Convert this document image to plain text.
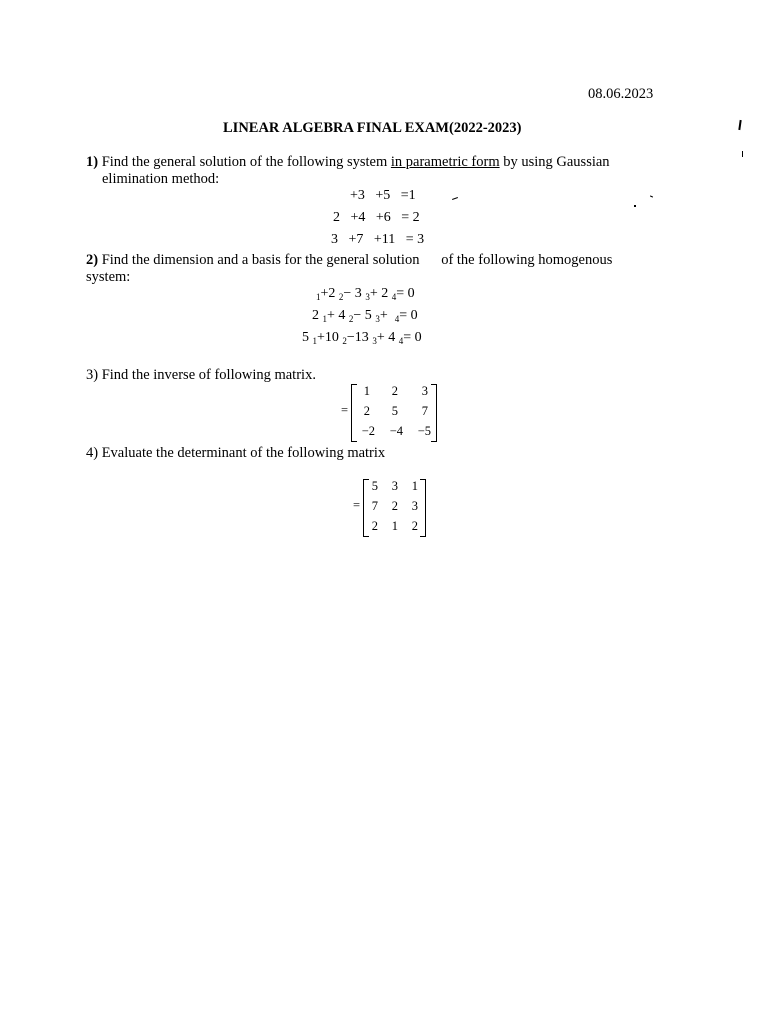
08.06.2023
LINEAR ALGEBRA FINAL EXAM(2022-2023)
1) Find the general solution of the following system in parametric form by using Gaussian
elimination method:
+3   +5   =1
2   +4   +6   = 2
3   +7   +11   = 3
2) Find the dimension and a basis for the general solution      of the following homogenous
system:
$_1$+2 $_2$− 3 $_3$+ 2 $_4$= 0
2 $_1$+ 4 $_2$− 5 $_3$+ $_4$= 0
5 $_1$+10 $_2$−13 $_3$+ 4 $_4$= 0
3) Find the inverse of following matrix.
=
1	2	3
2	5	7
−2	−4	−5
4) Evaluate the determinant of the following matrix
=
5	3	1
7	2	3
2	1	2
